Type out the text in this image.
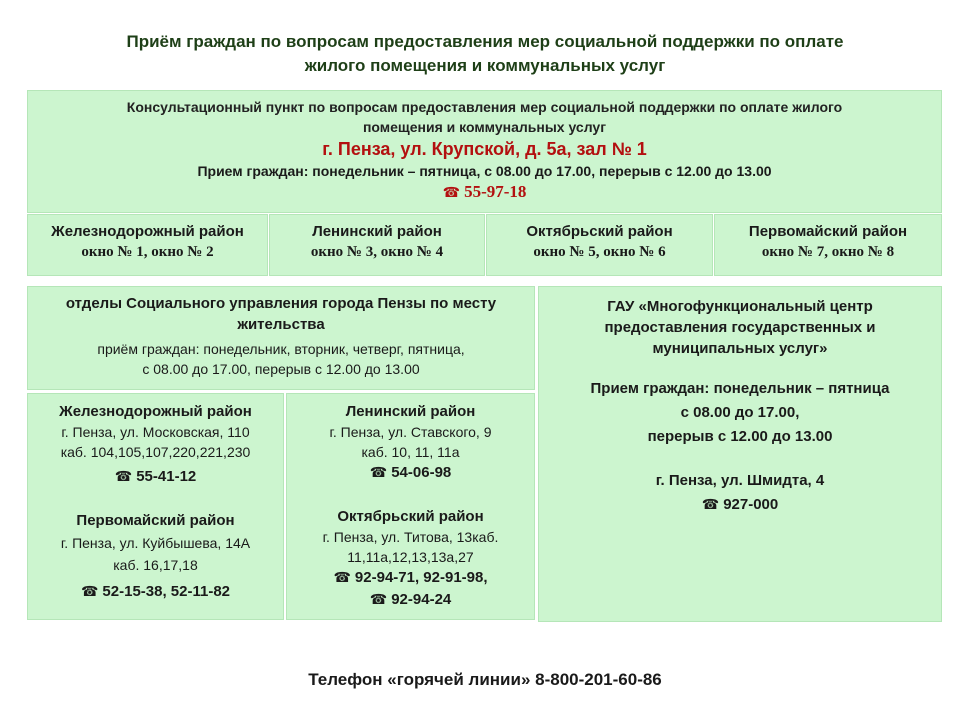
Приём граждан по вопросам предоставления мер социальной поддержки по оплате
жилого помещения и коммунальных услуг
Консультационный пункт по вопросам предоставления мер социальной поддержки по оплате жилого
помещения и коммунальных услуг
г. Пенза, ул. Крупской, д. 5а, зал № 1
Прием граждан: понедельник – пятница, с 08.00 до 17.00, перерыв с 12.00 до 13.00
☎ 55-97-18
Железнодорожный район
окно № 1, окно № 2
Ленинский район
окно № 3, окно № 4
Октябрьский район
окно № 5, окно № 6
Первомайский район
окно № 7, окно № 8
отделы Социального управления города Пензы по месту
жительства
приём граждан: понедельник, вторник, четверг, пятница,
с 08.00 до 17.00, перерыв с 12.00 до 13.00
Железнодорожный район
г. Пенза, ул. Московская, 110
каб. 104,105,107,220,221,230
☎ 55-41-12
Первомайский район
г. Пенза, ул. Куйбышева, 14А
каб. 16,17,18
☎ 52-15-38, 52-11-82
Ленинский район
г. Пенза, ул. Ставского, 9
каб. 10, 11, 11а
☎ 54-06-98
Октябрьский район
г. Пенза, ул. Титова, 13каб.
11,11а,12,13,13а,27
☎ 92-94-71, 92-91-98,
☎ 92-94-24
ГАУ «Многофункциональный центр
предоставления государственных и
муниципальных услуг»
Прием граждан: понедельник – пятница
с 08.00 до 17.00,
перерыв с 12.00 до 13.00
г. Пенза, ул. Шмидта, 4
☎ 927-000
Телефон «горячей линии» 8-800-201-60-86
